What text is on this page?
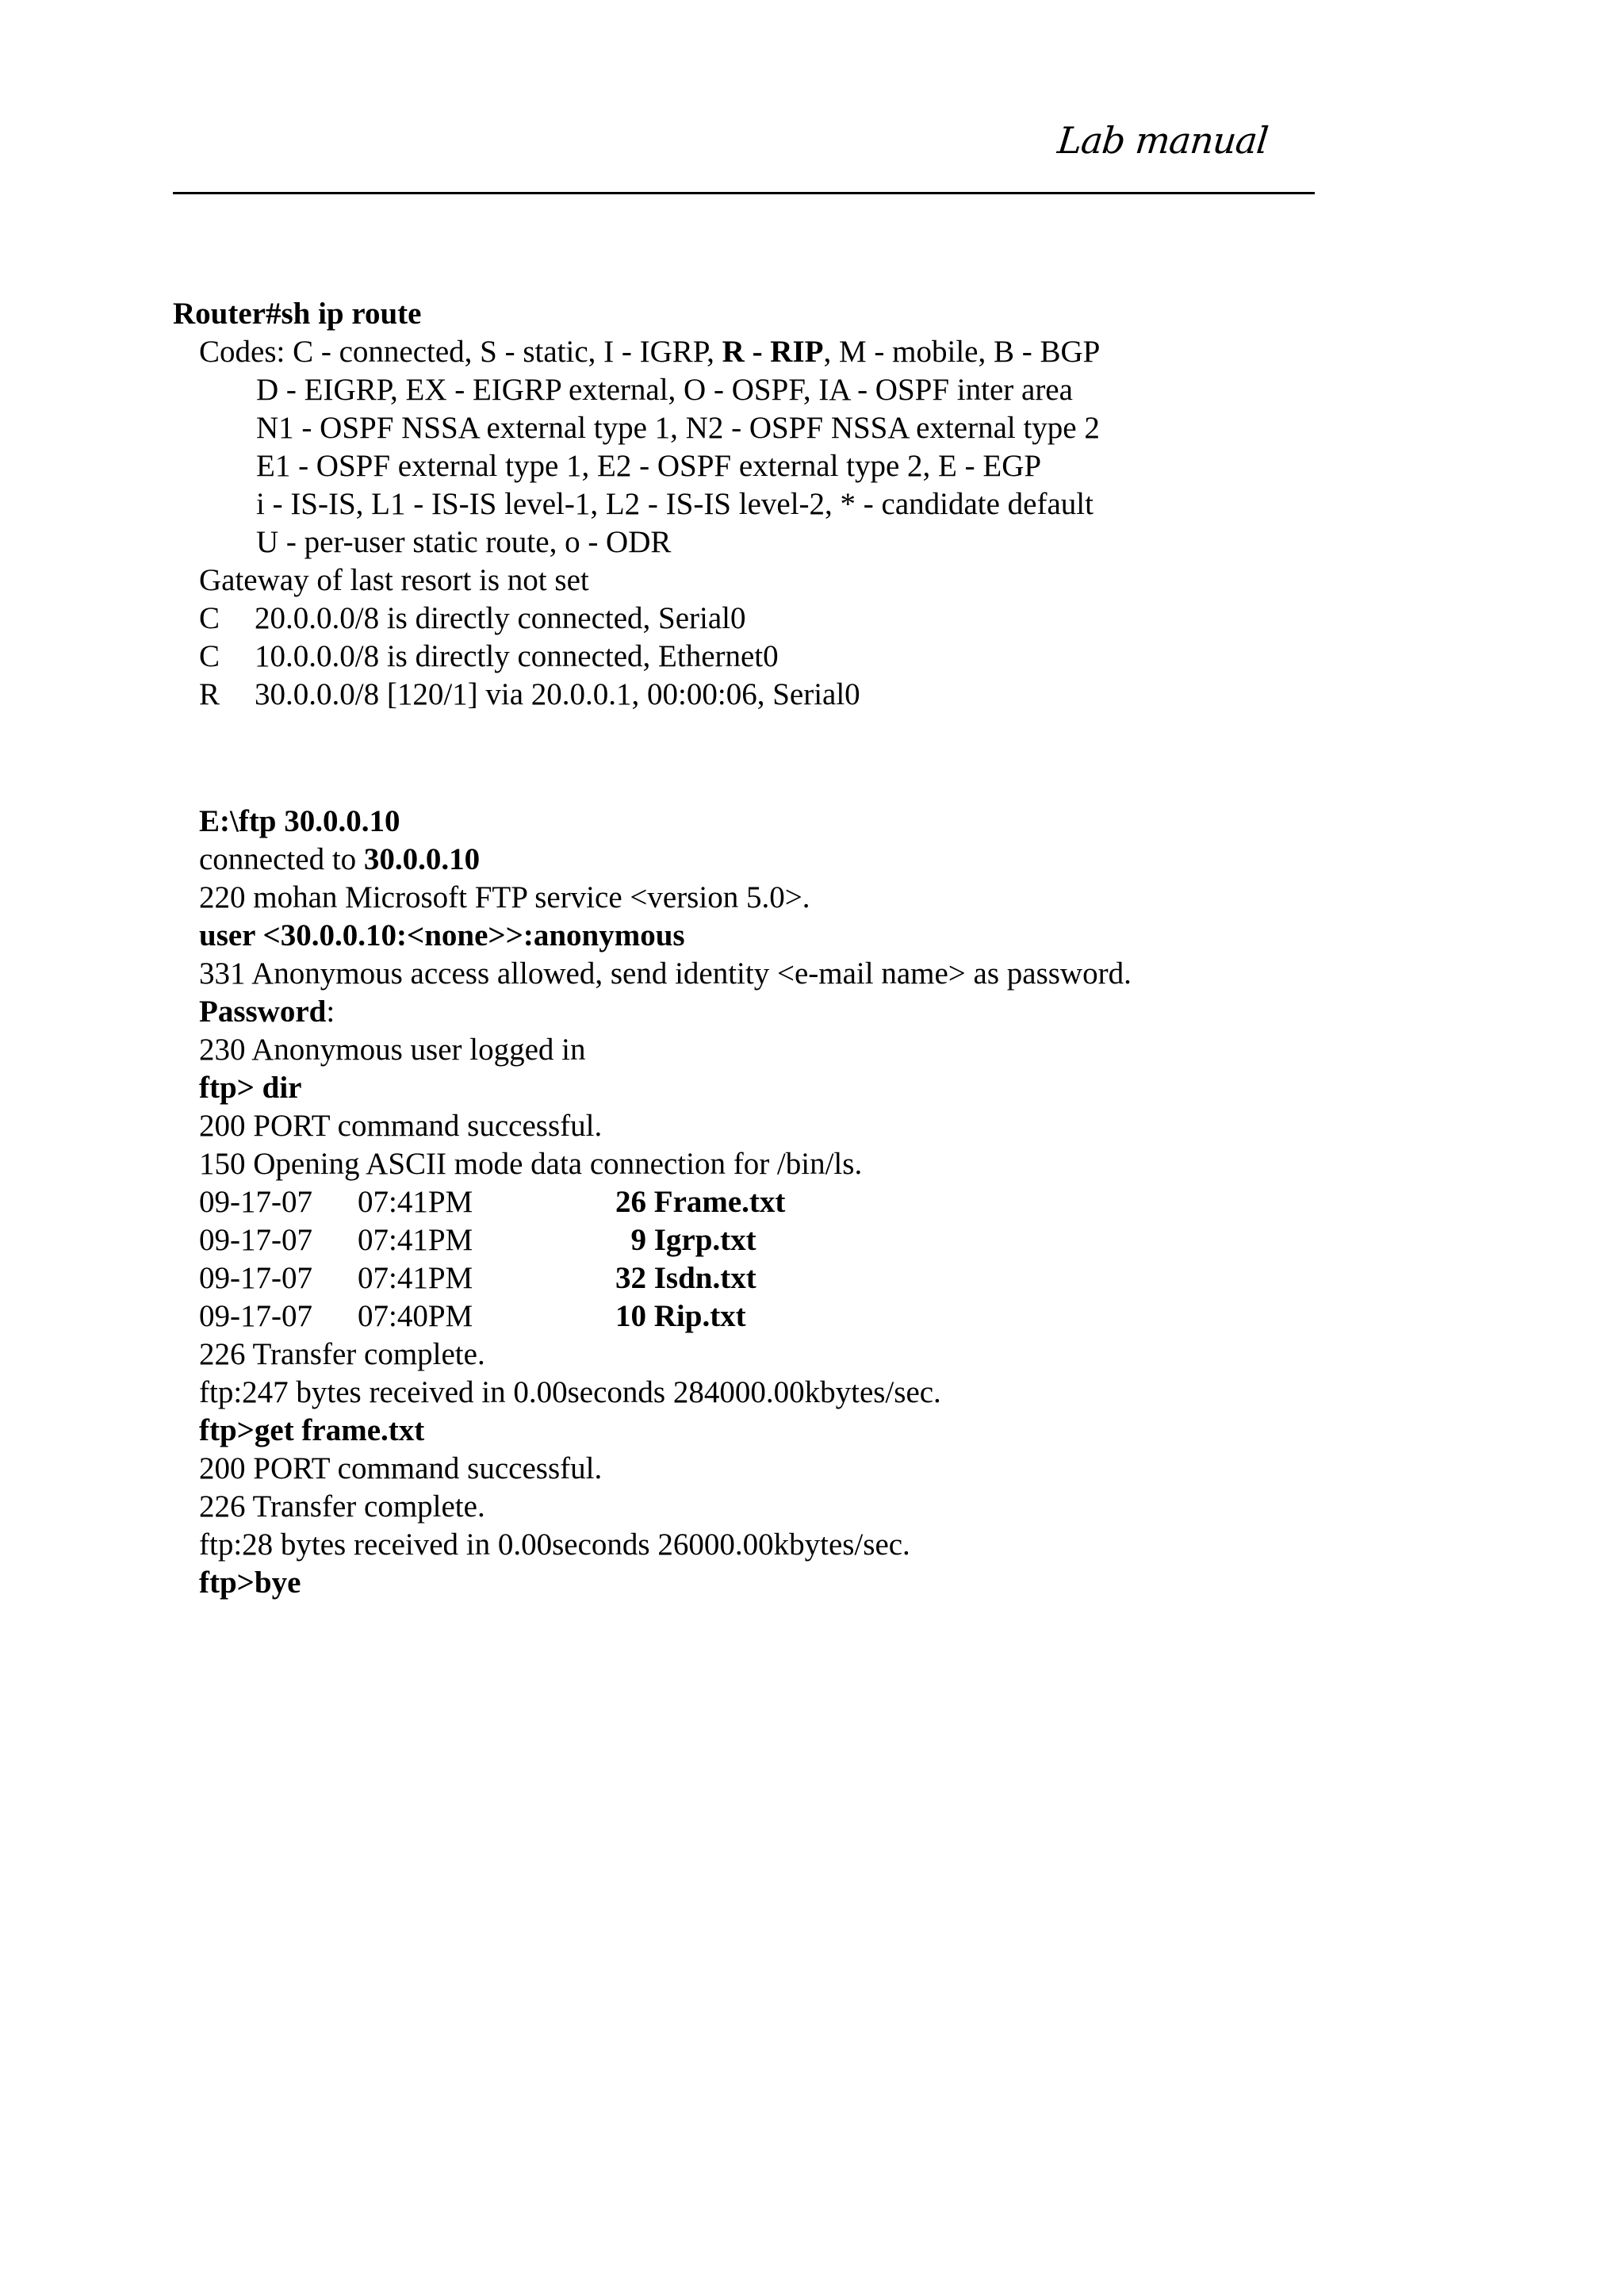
Lab manual
Router#sh ip route
Codes: C - connected, S - static, I - IGRP, R - RIP, M - mobile, B - BGP
D - EIGRP, EX - EIGRP external, O - OSPF, IA - OSPF inter area
N1 - OSPF NSSA external type 1, N2 - OSPF NSSA external type 2
E1 - OSPF external type 1, E2 - OSPF external type 2, E - EGP
i - IS-IS, L1 - IS-IS level-1, L2 - IS-IS level-2, * - candidate default
U - per-user static route, o - ODR
Gateway of last resort is not set
C 20.0.0.0/8 is directly connected, Serial0
C 10.0.0.0/8 is directly connected, Ethernet0
R 30.0.0.0/8 [120/1] via 20.0.0.1, 00:00:06, Serial0
E:\ftp 30.0.0.10
connected to 30.0.0.10
220 mohan Microsoft FTP service <version 5.0>.
user <30.0.0.10:<none>>:anonymous
331 Anonymous access allowed, send identity <e-mail name> as password.
Password:
230 Anonymous user logged in
ftp> dir
200 PORT command successful.
150 Opening ASCII mode data connection for /bin/ls.
09-17-07 07:41PM	26 Frame.txt
09-17-07 07:41PM	9 Igrp.txt
09-17-07 07:41PM	32 Isdn.txt
09-17-07 07:40PM	10 Rip.txt
226 Transfer complete.
ftp:247 bytes received in 0.00seconds 284000.00kbytes/sec.
ftp>get frame.txt
200 PORT command successful.
226 Transfer complete.
ftp:28 bytes received in 0.00seconds 26000.00kbytes/sec.
ftp>bye
